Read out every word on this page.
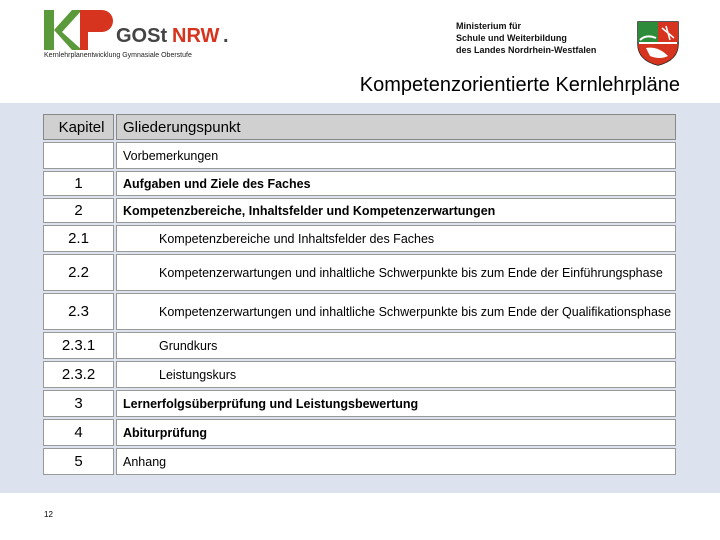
GOSt NRW .
Kernlehrplanentwicklung Gymnasiale Oberstufe
Ministerium für
Schule und Weiterbildung
des Landes Nordrhein-Westfalen
Kompetenzorientierte Kernlehrpläne
Kapitel	Gliederungspunkt
	Vorbemerkungen
1	Aufgaben und Ziele des Faches
2	Kompetenzbereiche, Inhaltsfelder und Kompetenzerwartungen
2.1	Kompetenzbereiche und Inhaltsfelder des Faches
2.2	Kompetenzerwartungen und inhaltliche Schwerpunkte bis zum Ende der Einführungsphase
2.3	Kompetenzerwartungen und inhaltliche Schwerpunkte bis zum Ende der Qualifikationsphase
2.3.1	Grundkurs
2.3.2	Leistungskurs
3	Lernerfolgsüberprüfung und Leistungsbewertung
4	Abiturprüfung
5	Anhang
12
